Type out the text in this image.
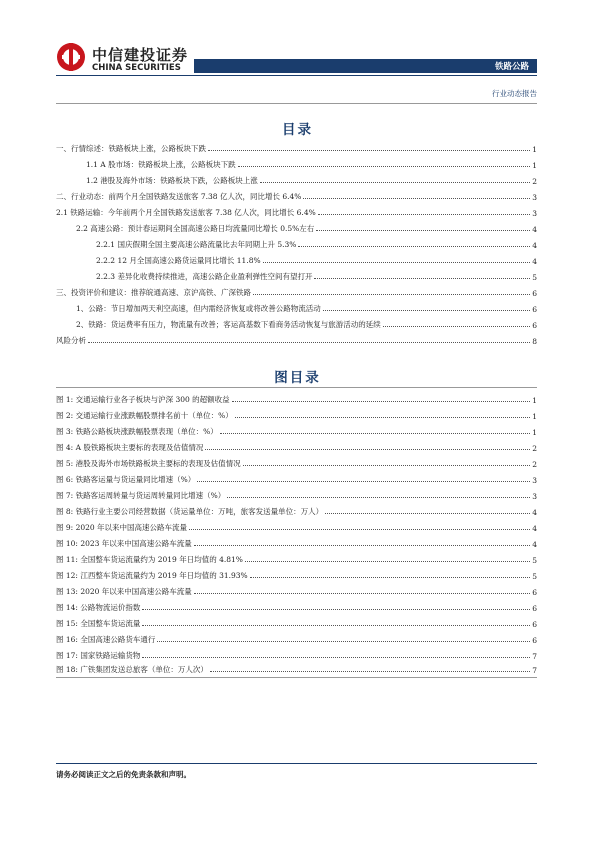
中信建投证券
CHINA SECURITIES	铁路公路
行业动态报告
目录
一、行情综述：铁路板块上涨，公路板块下跌	1
1.1 A 股市场：铁路板块上涨，公路板块下跌	1
1.2 港股及海外市场：铁路板块下跌，公路板块上涨	2
二、行业动态：前两个月全国铁路发送旅客 7.38 亿人次，同比增长 6.4%	3
2.1 铁路运输：今年前两个月全国铁路发送旅客 7.38 亿人次，同比增长 6.4%	3
2.2 高速公路：预计春运期间全国高速公路日均流量同比增长 0.5%左右	4
2.2.1 国庆假期全国主要高速公路流量比去年同期上升 5.3%	4
2.2.2 12 月全国高速公路货运量同比增长 11.8%	4
2.2.3 差异化收费持续推进，高速公路企业盈利弹性空间有望打开	5
三、投资评价和建议：推荐皖通高速、京沪高铁、广深铁路	6
1、公路：节日增加两天利空高速，但内需经济恢复或将改善公路物流活动	6
2、铁路：货运费率有压力，物流量有改善；客运高基数下看商务活动恢复与旅游活动的延续	6
风险分析	8
图目录
图 1: 交通运输行业各子板块与沪深 300 的超额收益	1
图 2: 交通运输行业涨跌幅股票排名前十（单位：%）	1
图 3: 铁路公路板块涨跌幅股票表现（单位：%）	1
图 4: A 股铁路板块主要标的表现及估值情况	2
图 5: 港股及海外市场铁路板块主要标的表现及估值情况	2
图 6: 铁路客运量与货运量同比增速（%）	3
图 7: 铁路客运周转量与货运周转量同比增速（%）	3
图 8: 铁路行业主要公司经营数据（货运量单位：万吨，旅客发送量单位：万人）	4
图 9: 2020 年以来中国高速公路车流量	4
图 10: 2023 年以来中国高速公路车流量	4
图 11: 全国整车货运流量约为 2019 年日均值的 4.81%	5
图 12: 江西整车货运流量约为 2019 年日均值的 31.93%	5
图 13: 2020 年以来中国高速公路车流量	6
图 14: 公路物流运价指数	6
图 15: 全国整车货运流量	6
图 16: 全国高速公路货车通行	6
图 17: 国家铁路运输货物	7
图 18: 广铁集团发送总旅客（单位：万人次）	7
请务必阅读正文之后的免责条款和声明。
